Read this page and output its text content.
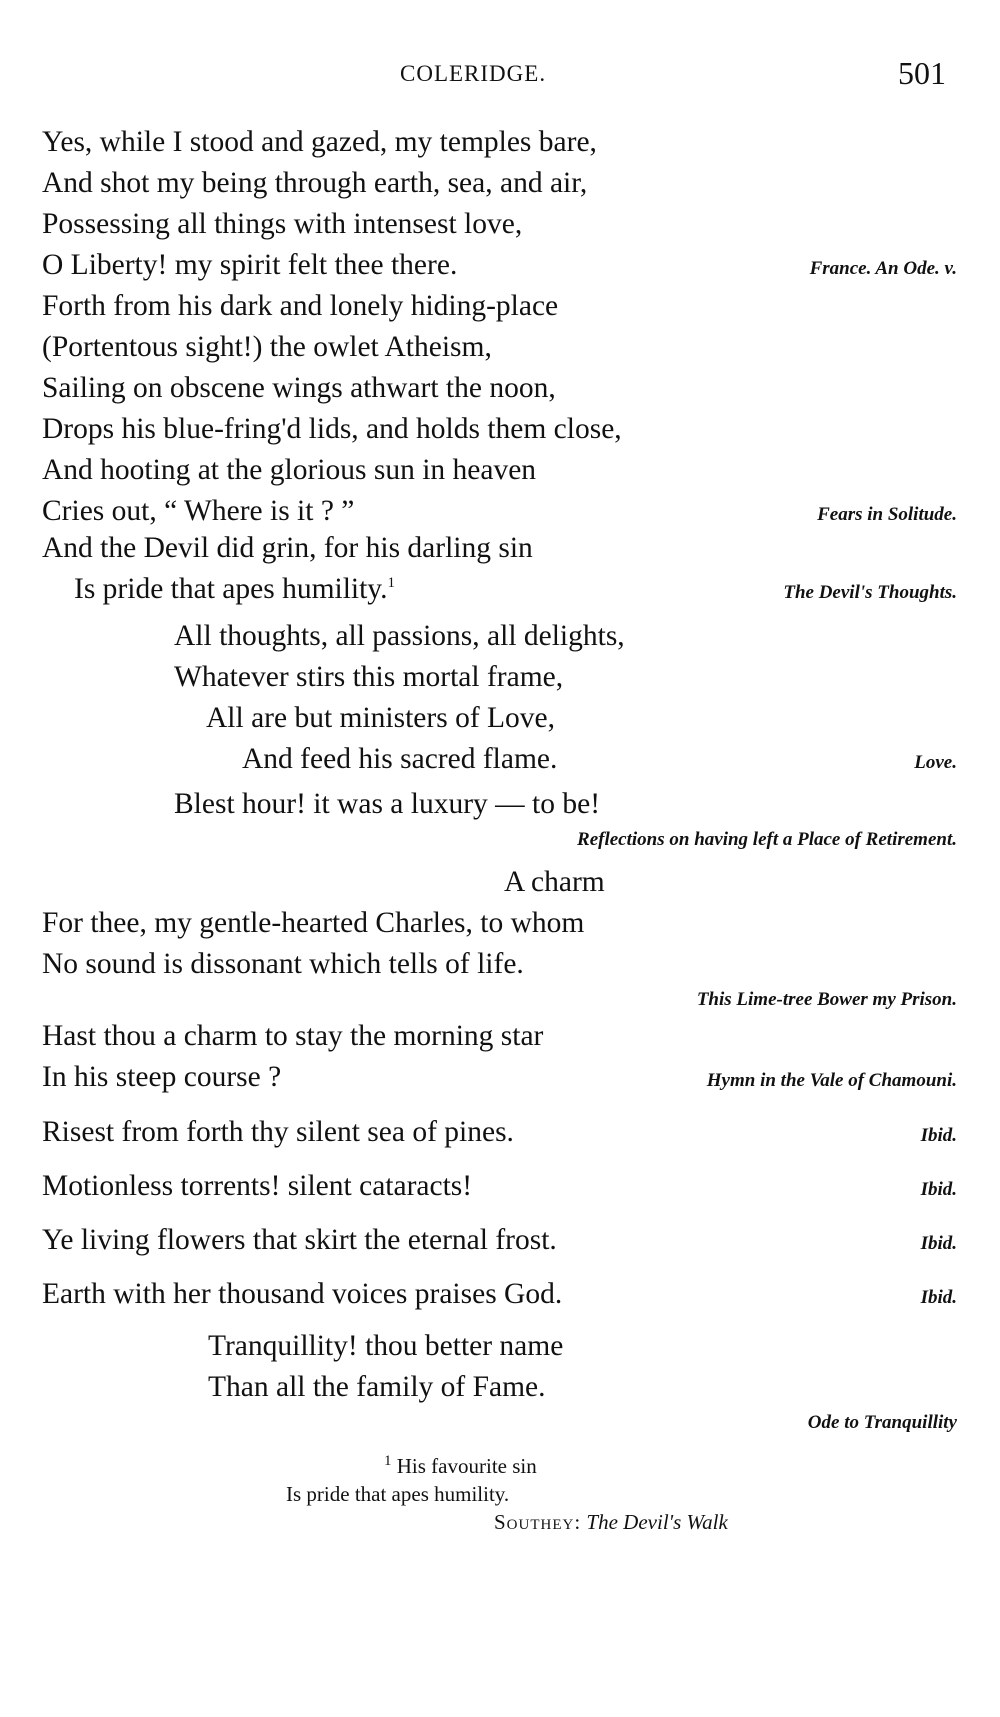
COLERIDGE.	501
Yes, while I stood and gazed, my temples bare,
And shot my being through earth, sea, and air,
Possessing all things with intensest love,
O Liberty! my spirit felt thee there.	France. An Ode. v.
Forth from his dark and lonely hiding-place
(Portentous sight!) the owlet Atheism,
Sailing on obscene wings athwart the noon,
Drops his blue-fring'd lids, and holds them close,
And hooting at the glorious sun in heaven
Cries out, “ Where is it ? ”	Fears in Solitude.
And the Devil did grin, for his darling sin
Is pride that apes humility.$^1$	The Devil's Thoughts.
All thoughts, all passions, all delights,
Whatever stirs this mortal frame,
All are but ministers of Love,
And feed his sacred flame.	Love.
Blest hour! it was a luxury — to be!
Reflections on having left a Place of Retirement.
A charm
For thee, my gentle-hearted Charles, to whom
No sound is dissonant which tells of life.
This Lime-tree Bower my Prison.
Hast thou a charm to stay the morning star
In his steep course ?	Hymn in the Vale of Chamouni.
Risest from forth thy silent sea of pines.	Ibid.
Motionless torrents! silent cataracts!	Ibid.
Ye living flowers that skirt the eternal frost.	Ibid.
Earth with her thousand voices praises God.	Ibid.
Tranquillity! thou better name
Than all the family of Fame.
Ode to Tranquillity
$^1$ His favourite sin
Is pride that apes humility.
Southey: The Devil's Walk
